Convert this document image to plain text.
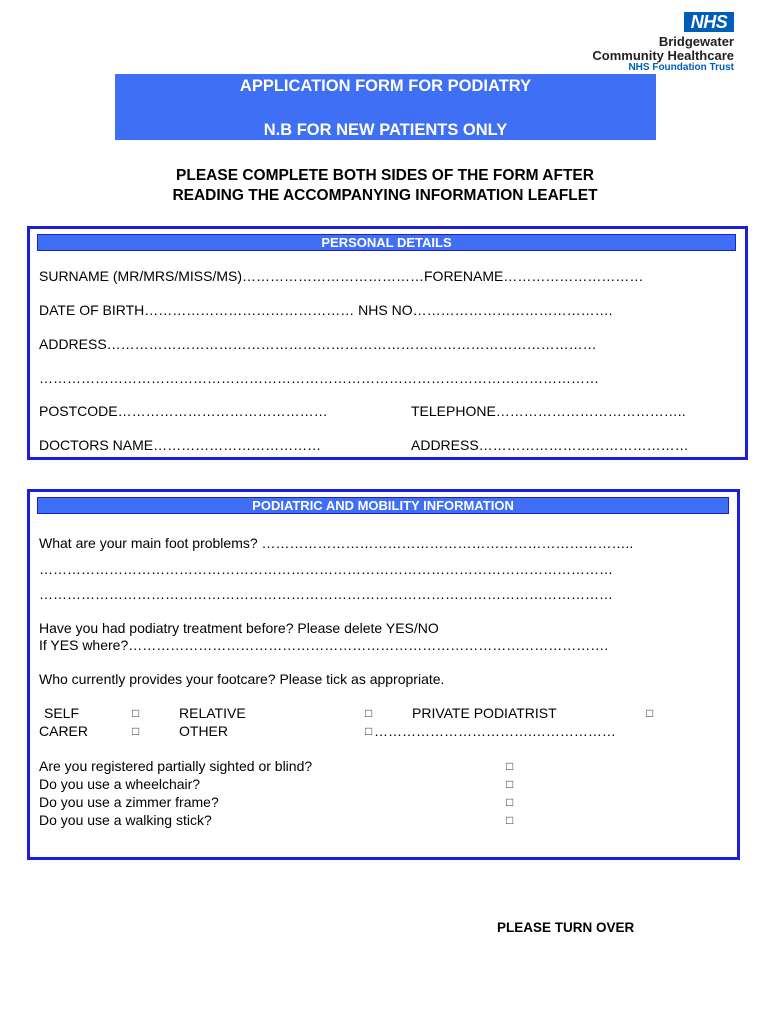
NHS
Bridgewater
Community Healthcare
NHS Foundation Trust
APPLICATION FORM FOR PODIATRY
N.B FOR NEW PATIENTS ONLY
PLEASE COMPLETE BOTH SIDES OF THE FORM AFTER
READING THE ACCOMPANYING INFORMATION LEAFLET
PERSONAL DETAILS
SURNAME (MR/MRS/MISS/MS)…………………………………FORENAME…………………………
DATE OF BIRTH……………………………………… NHS NO…………………………………….
ADDRESS……………………………………………………………………………………………
…………………………………………………………………………………………………………
POSTCODE………………………………………	TELEPHONE…………………………………..
DOCTORS NAME………………………………	ADDRESS………………………………………
PODIATRIC AND MOBILITY INFORMATION
What are your main foot problems? ……………………………………………………………………..
……………………………………………………………………………………………………………
……………………………………………………………………………………………………………
Have you had podiatry treatment before? Please delete YES/NO
If YES where?………………………………………………………………………………………….
Who currently provides your footcare? Please tick as appropriate.
SELF	□	RELATIVE	□	PRIVATE PODIATRIST	□
CARER	□	OTHER	□ …………………………….………………
Are you registered partially sighted or blind?	□
Do you use a wheelchair?	□
Do you use a zimmer frame?	□
Do you use a walking stick?	□
PLEASE TURN OVER
